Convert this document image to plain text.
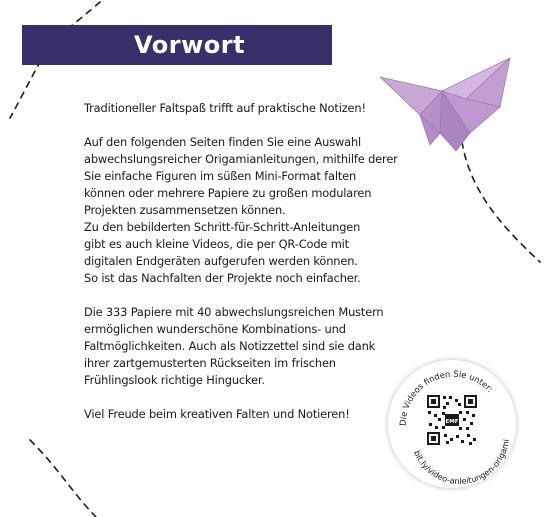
Vorwort

Traditioneller Faltspaß trifft auf praktische Notizen!

Auf den folgenden Seiten finden Sie eine Auswahl
abwechslungsreicher Origamianleitungen, mithilfe derer
Sie einfache Figuren im süßen Mini-Format falten
können oder mehrere Papiere zu großen modularen
Projekten zusammensetzen können.
Zu den bebilderten Schritt-für-Schritt-Anleitungen
gibt es auch kleine Videos, die per QR-Code mit
digitalen Endgeräten aufgerufen werden können.
So ist das Nachfalten der Projekte noch einfacher.

Die 333 Papiere mit 40 abwechslungsreichen Mustern
ermöglichen wunderschöne Kombinations- und
Faltmöglichkeiten. Auch als Notizzettel sind sie dank
ihrer zartgemusterten Rückseiten im frischen
Frühlingslook richtige Hingucker.

Viel Freude beim kreativen Falten und Notieren!

Die Videos finden Sie unter:
bit.ly/video-anleitungen-origami
EMF
